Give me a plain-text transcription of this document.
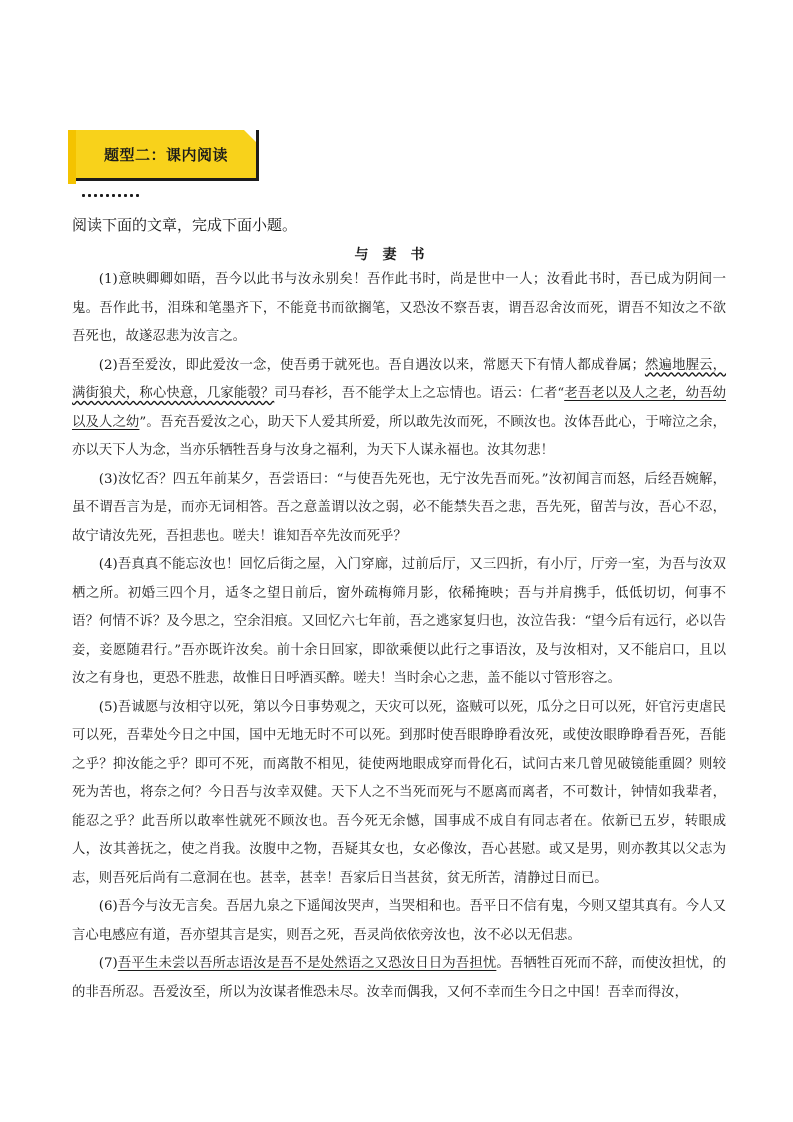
题型二：课内阅读
阅读下面的文章，完成下面小题。
与妻书

(1)意映卿卿如晤，吾今以此书与汝永别矣！吾作此书时，尚是世中一人；汝看此书时，吾已成为阴间一鬼。吾作此书，泪珠和笔墨齐下，不能竟书而欲搁笔，又恐汝不察吾衷，谓吾忍舍汝而死，谓吾不知汝之不欲吾死也，故遂忍悲为汝言之。

(2)吾至爱汝，即此爱汝一念，使吾勇于就死也。吾自遇汝以来，常愿天下有情人都成眷属；然遍地腥云，满街狼犬，称心快意，几家能彀？司马春衫，吾不能学太上之忘情也。语云：仁者“老吾老以及人之老，幼吾幼以及人之幼”。吾充吾爱汝之心，助天下人爱其所爱，所以敢先汝而死，不顾汝也。汝体吾此心，于啼泣之余，亦以天下人为念，当亦乐牺牲吾身与汝身之福利，为天下人谋永福也。汝其勿悲！

(3)汝忆否？四五年前某夕，吾尝语曰：“与使吾先死也，无宁汝先吾而死。”汝初闻言而怒，后经吾婉解，虽不谓吾言为是，而亦无词相答。吾之意盖谓以汝之弱，必不能禁失吾之悲，吾先死，留苦与汝，吾心不忍，故宁请汝先死，吾担悲也。嗟夫！谁知吾卒先汝而死乎？

(4)吾真真不能忘汝也！回忆后街之屋，入门穿廊，过前后厅，又三四折，有小厅，厅旁一室，为吾与汝双栖之所。初婚三四个月，适冬之望日前后，窗外疏梅筛月影，依稀掩映；吾与并肩携手，低低切切，何事不语？何情不诉？及今思之，空余泪痕。又回忆六七年前，吾之逃家复归也，汝泣告我：“望今后有远行，必以告妾，妾愿随君行。”吾亦既许汝矣。前十余日回家，即欲乘便以此行之事语汝，及与汝相对，又不能启口，且以汝之有身也，更恐不胜悲，故惟日日呼酒买醉。嗟夫！当时余心之悲，盖不能以寸管形容之。

(5)吾诚愿与汝相守以死，第以今日事势观之，天灾可以死，盗贼可以死，瓜分之日可以死，奸官污吏虐民可以死，吾辈处今日之中国，国中无地无时不可以死。到那时使吾眼睁睁看汝死，或使汝眼睁睁看吾死，吾能之乎？抑汝能之乎？即可不死，而离散不相见，徒使两地眼成穿而骨化石，试问古来几曾见破镜能重圆？则较死为苦也，将奈之何？今日吾与汝幸双健。天下人之不当死而死与不愿离而离者，不可数计，钟情如我辈者，能忍之乎？此吾所以敢率性就死不顾汝也。吾今死无余憾，国事成不成自有同志者在。依新已五岁，转眼成人，汝其善抚之，使之肖我。汝腹中之物，吾疑其女也，女必像汝，吾心甚慰。或又是男，则亦教其以父志为志，则吾死后尚有二意洞在也。甚幸，甚幸！吾家后日当甚贫，贫无所苦，清静过日而已。

(6)吾今与汝无言矣。吾居九泉之下遥闻汝哭声，当哭相和也。吾平日不信有鬼，今则又望其真有。今人又言心电感应有道，吾亦望其言是实，则吾之死，吾灵尚依依旁汝也，汝不必以无侣悲。

(7)吾平生未尝以吾所志语汝是吾不是处然语之又恐汝日日为吾担忧。吾牺牲百死而不辞，而使汝担忧，的的非吾所忍。吾爱汝至，所以为汝谋者惟恐未尽。汝幸而偶我，又何不幸而生今日之中国！吾幸而得汝，
